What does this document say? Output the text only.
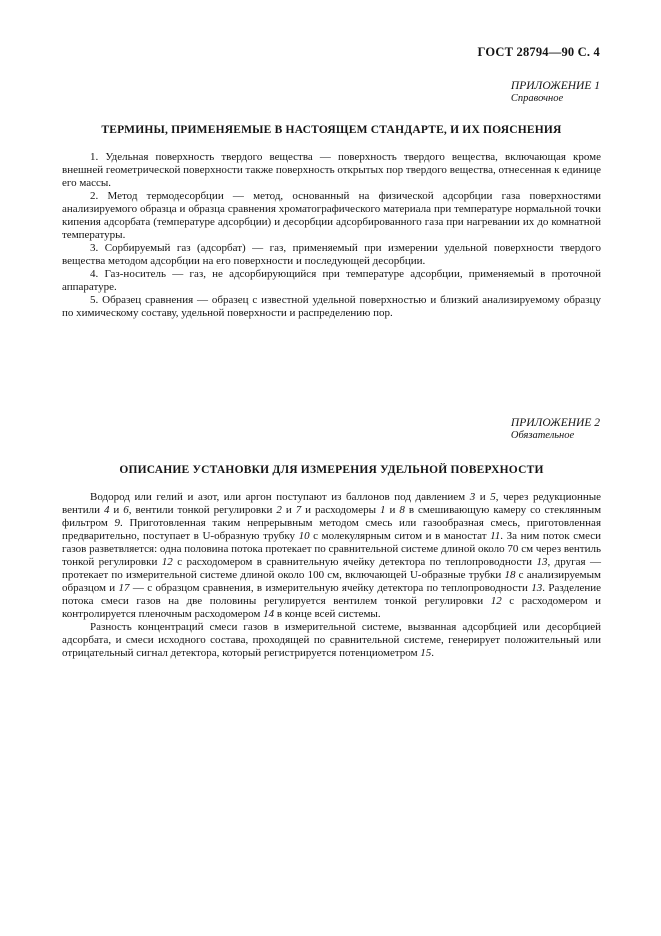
ГОСТ 28794—90 С. 4
ПРИЛОЖЕНИЕ 1
Справочное
ТЕРМИНЫ, ПРИМЕНЯЕМЫЕ В НАСТОЯЩЕМ СТАНДАРТЕ, И ИХ ПОЯСНЕНИЯ

1. Удельная поверхность твердого вещества — поверхность твердого вещества, включающая кроме внешней геометрической поверхности также поверхность открытых пор твердого вещества, отнесенная к единице его массы.

2. Метод термодесорбции — метод, основанный на физической адсорбции газа поверхностями анализируемого образца и образца сравнения хроматографического материала при температуре нормальной точки кипения адсорбата (температуре адсорбции) и десорбции адсорбированного газа при нагревании их до комнатной температуры.

3. Сорбируемый газ (адсорбат) — газ, применяемый при измерении удельной поверхности твердого вещества методом адсорбции на его поверхности и последующей десорбции.

4. Газ-носитель — газ, не адсорбирующийся при температуре адсорбции, применяемый в проточной аппаратуре.

5. Образец сравнения — образец с известной удельной поверхностью и близкий анализируемому образцу по химическому составу, удельной поверхности и распределению пор.

ПРИЛОЖЕНИЕ 2
Обязательное
ОПИСАНИЕ УСТАНОВКИ ДЛЯ ИЗМЕРЕНИЯ УДЕЛЬНОЙ ПОВЕРХНОСТИ

Водород или гелий и азот, или аргон поступают из баллонов под давлением 3 и 5, через редукционные вентили 4 и 6, вентили тонкой регулировки 2 и 7 и расходомеры 1 и 8 в смешивающую камеру со стеклянным фильтром 9. Приготовленная таким непрерывным методом смесь или газообразная смесь, приготовленная предварительно, поступает в U-образную трубку 10 с молекулярным ситом и в маностат 11. За ним поток смеси газов разветвляется: одна половина потока протекает по сравнительной системе длиной около 70 см через вентиль тонкой регулировки 12 с расходомером в сравнительную ячейку детектора по теплопроводности 13, другая — протекает по измерительной системе длиной около 100 см, включающей U-образные трубки 18 с анализируемым образцом и 17 — с образцом сравнения, в измерительную ячейку детектора по теплопроводности 13. Разделение потока смеси газов на две половины регулируется вентилем тонкой регулировки 12 с расходомером и контролируется пленочным расходомером 14 в конце всей системы.

Разность концентраций смеси газов в измерительной системе, вызванная адсорбцией или десорбцией адсорбата, и смеси исходного состава, проходящей по сравнительной системе, генерирует положительный или отрицательный сигнал детектора, который регистрируется потенциометром 15.
